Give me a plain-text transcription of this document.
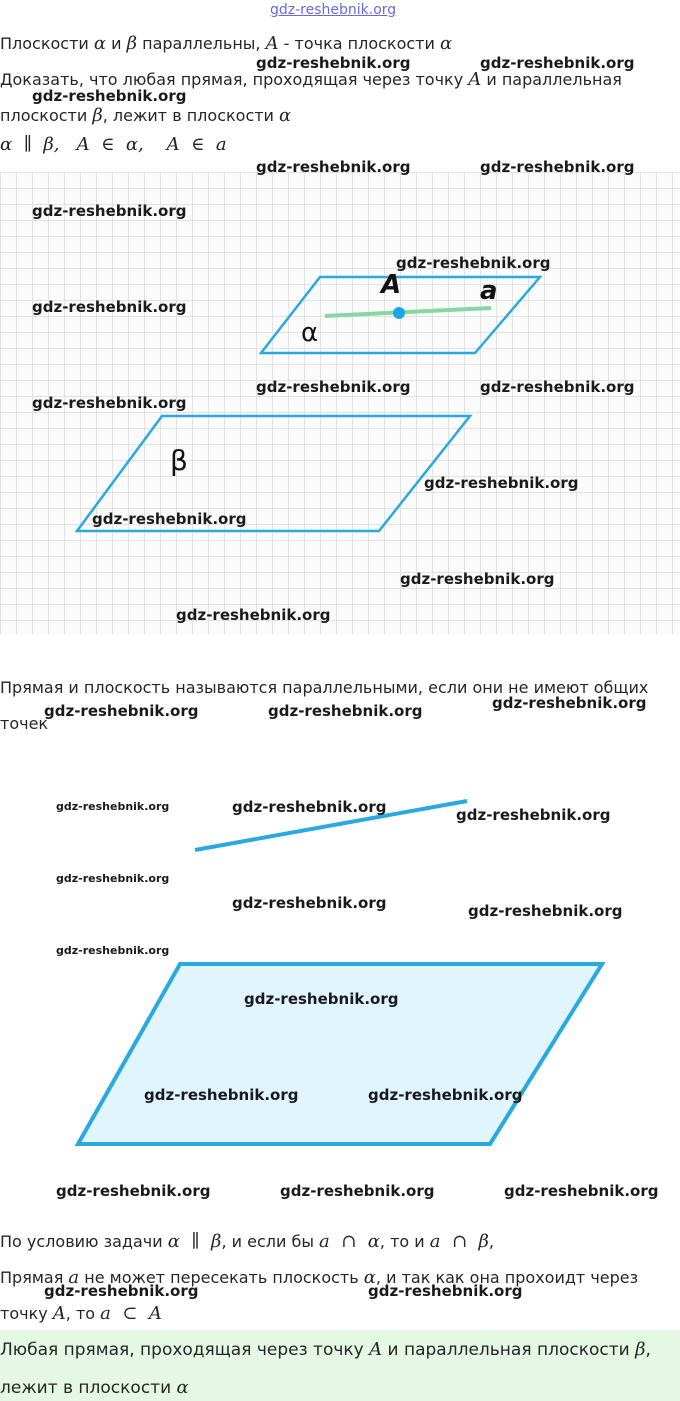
gdz-reshebnik.org
Плоскости α и β параллельны, A - точка плоскости α
Доказать, что любая прямая, проходящая через точку A и параллельная
плоскости β, лежит в плоскости α
α  ∥  β,   A  ∈  α,    A  ∈  a
A	a
α
β
Прямая и плоскость называются параллельными, если они не имеют общих
точек
По условию задачи α  ∥  β, и если бы a  ∩  α, то и a  ∩  β,
Прямая a не может пересекать плоскость α, и так как она прохоидт через
точку A, то a  ⊂  A
Любая прямая, проходящая через точку A и параллельная плоскости β,
лежит в плоскости α
gdz-reshebnik.org	gdz-reshebnik.org
gdz-reshebnik.org
gdz-reshebnik.org	gdz-reshebnik.org
gdz-reshebnik.org
gdz-reshebnik.org
gdz-reshebnik.org
gdz-reshebnik.org	gdz-reshebnik.org
gdz-reshebnik.org
gdz-reshebnik.org
gdz-reshebnik.org
gdz-reshebnik.org
gdz-reshebnik.org
gdz-reshebnik.org	gdz-reshebnik.org	gdz-reshebnik.org
gdz-reshebnik.org	gdz-reshebnik.org	gdz-reshebnik.org
gdz-reshebnik.org
gdz-reshebnik.org	gdz-reshebnik.org
gdz-reshebnik.org
gdz-reshebnik.org
gdz-reshebnik.org	gdz-reshebnik.org
gdz-reshebnik.org	gdz-reshebnik.org	gdz-reshebnik.org
gdz-reshebnik.org	gdz-reshebnik.org
